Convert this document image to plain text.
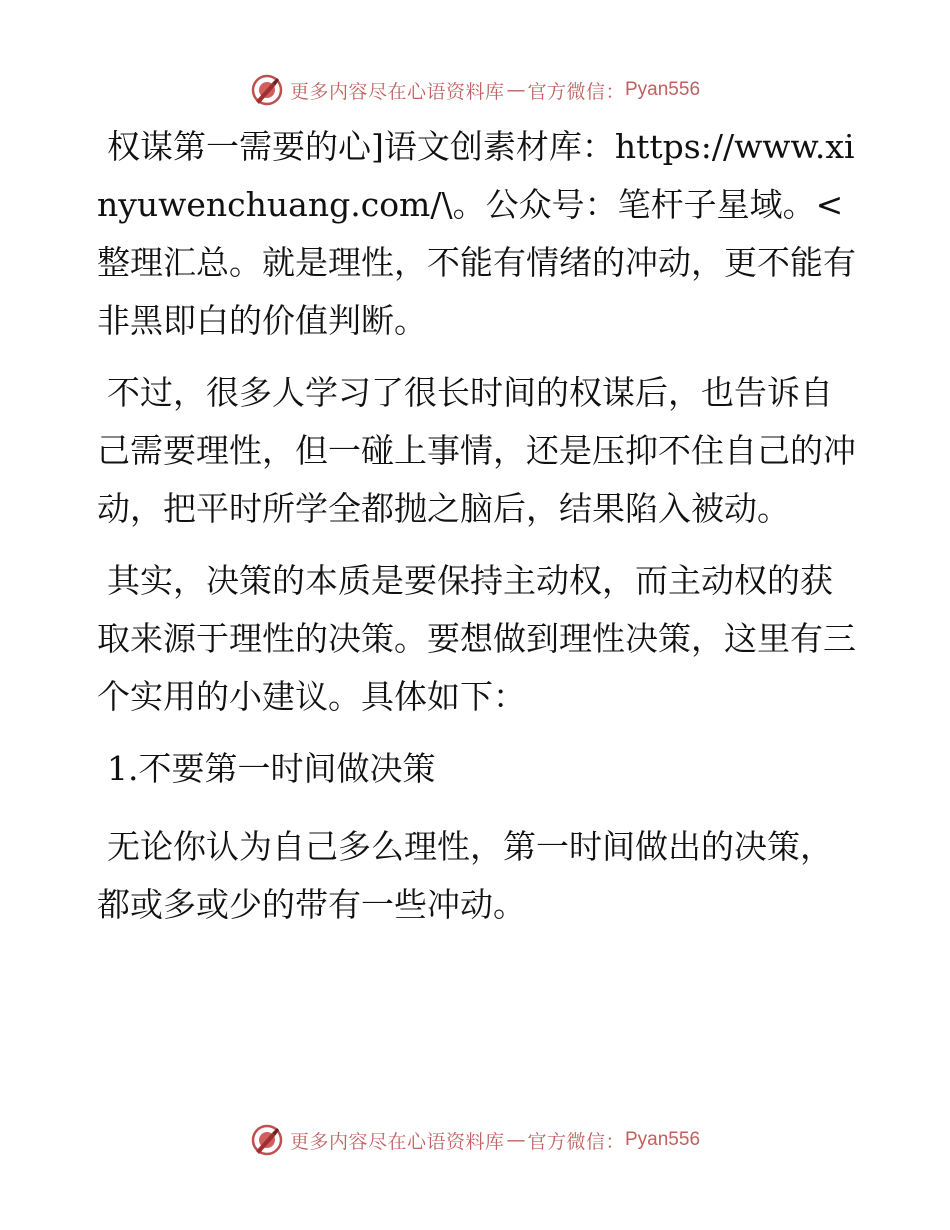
更多内容尽在心语资料库 — 官方微信： Pyan556

权谋第一需要的心]语文创素材库：https://www.xinyuwenchuang.com/\。公众号：笔杆子星域。<整理汇总。就是理性，不能有情绪的冲动，更不能有非黑即白的价值判断。

不过，很多人学习了很长时间的权谋后，也告诉自己需要理性，但一碰上事情，还是压抑不住自己的冲动，把平时所学全都抛之脑后，结果陷入被动。

其实，决策的本质是要保持主动权，而主动权的获取来源于理性的决策。要想做到理性决策，这里有三个实用的小建议。具体如下：

1.不要第一时间做决策

无论你认为自己多么理性，第一时间做出的决策，都或多或少的带有一些冲动。

更多内容尽在心语资料库 — 官方微信： Pyan556
